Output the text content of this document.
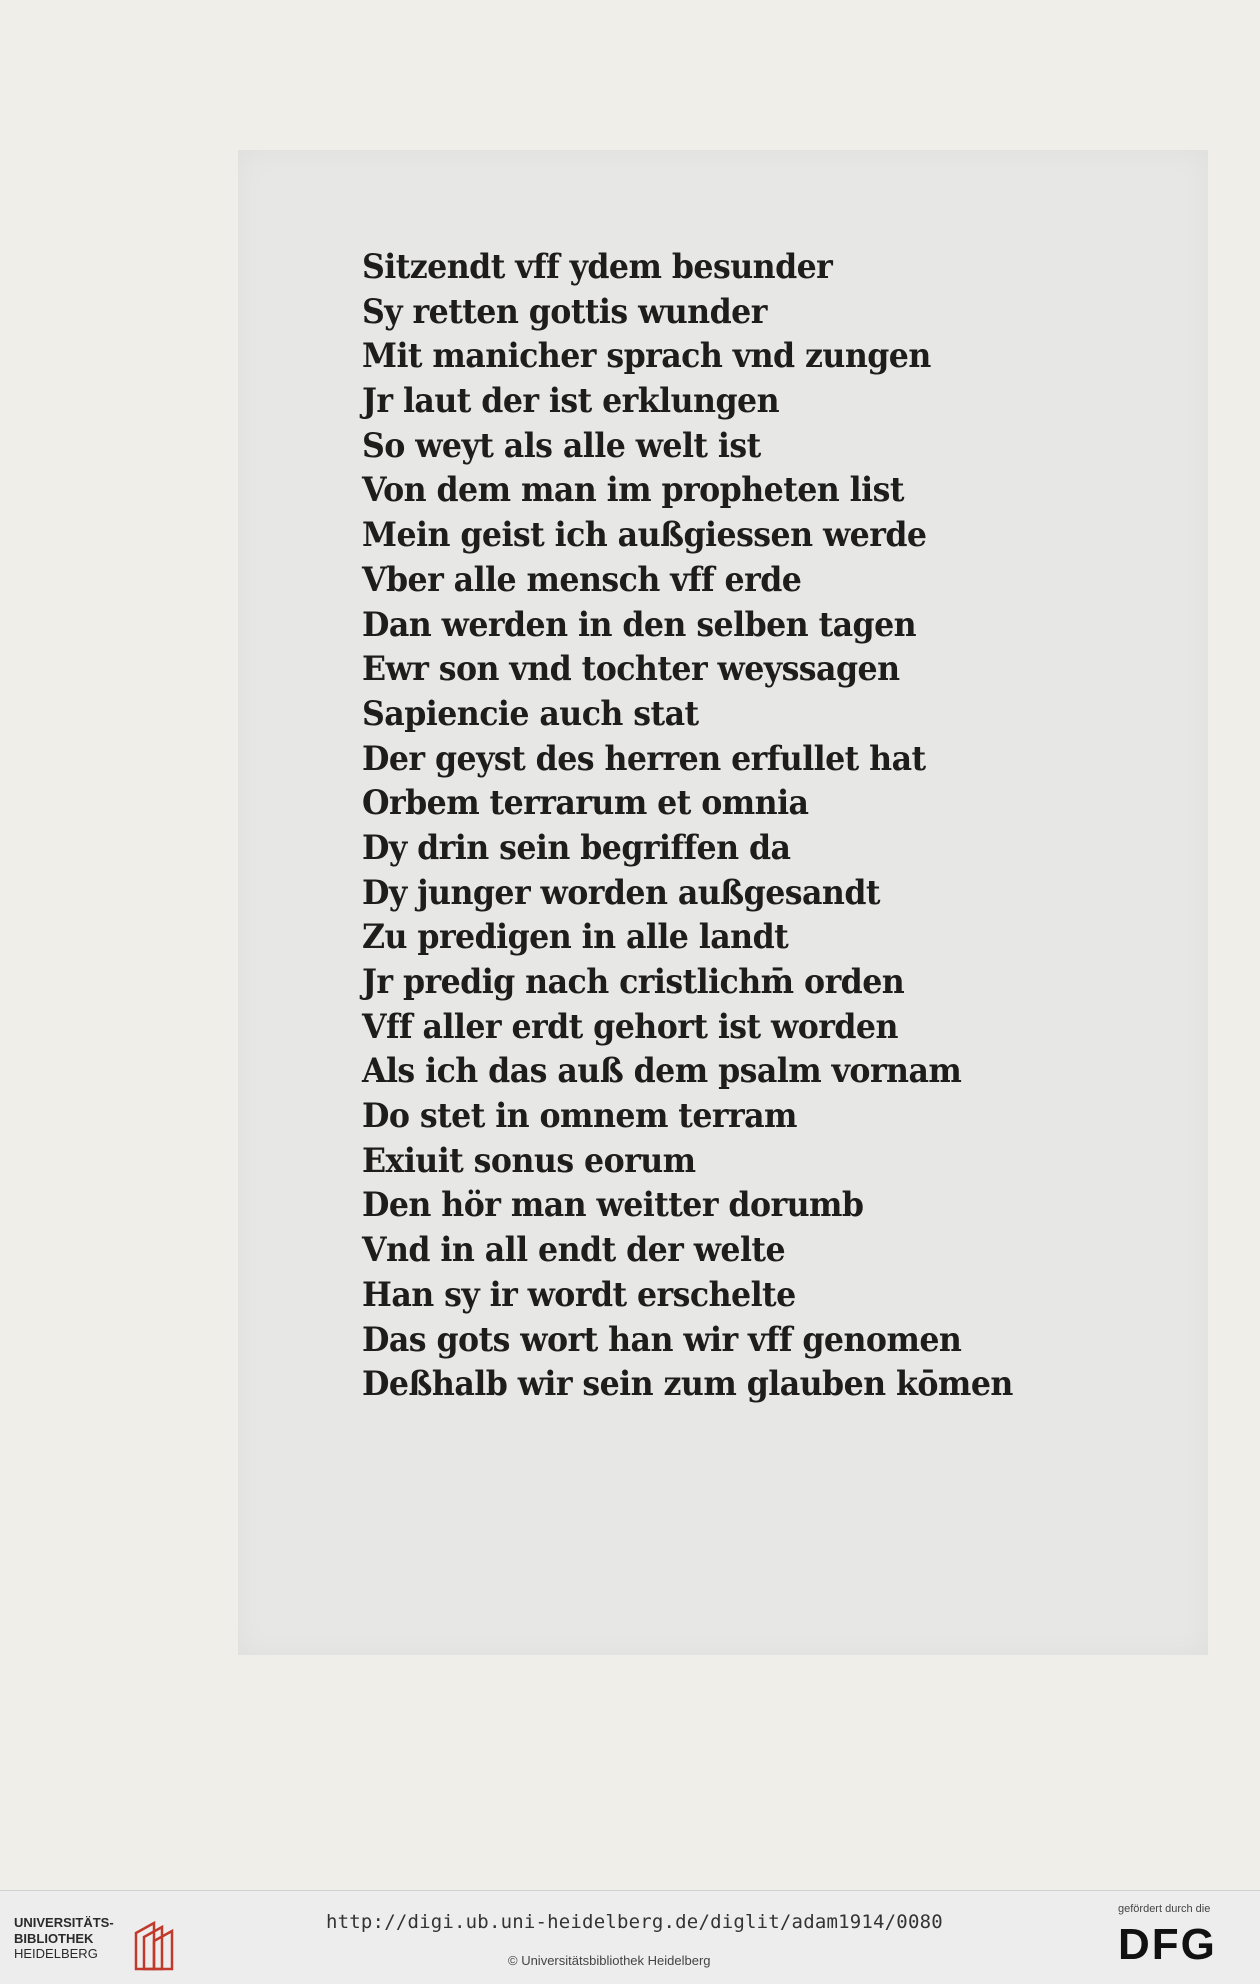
Sitzendt vff ydem besunder
Sy retten gottis wunder
Mit manicher sprach vnd zungen
Jr laut der ist erklungen
So weyt als alle welt ist
Von dem man im propheten list
Mein geist ich außgiessen werde
Vber alle mensch vff erde
Dan werden in den selben tagen
Ewr son vnd tochter weyssagen
Sapiencie auch stat
Der geyst des herren erfullet hat
Orbem terrarum et omnia
Dy drin sein begriffen da
Dy junger worden außgesandt
Zu predigen in alle landt
Jr predig nach cristlichm̄ orden
Vff aller erdt gehort ist worden
Als ich das auß dem psalm vornam
Do stet in omnem terram
Exiuit sonus eorum
Den hör man weitter dorumb
Vnd in all endt der welte
Han sy ir wordt erschelte
Das gots wort han wir vff genomen
Deßhalb wir sein zum glauben kōmen
UNIVERSITÄTS-
BIBLIOTHEK
HEIDELBERG
http://digi.ub.uni-heidelberg.de/diglit/adam1914/0080
© Universitätsbibliothek Heidelberg
gefördert durch die
DFG
